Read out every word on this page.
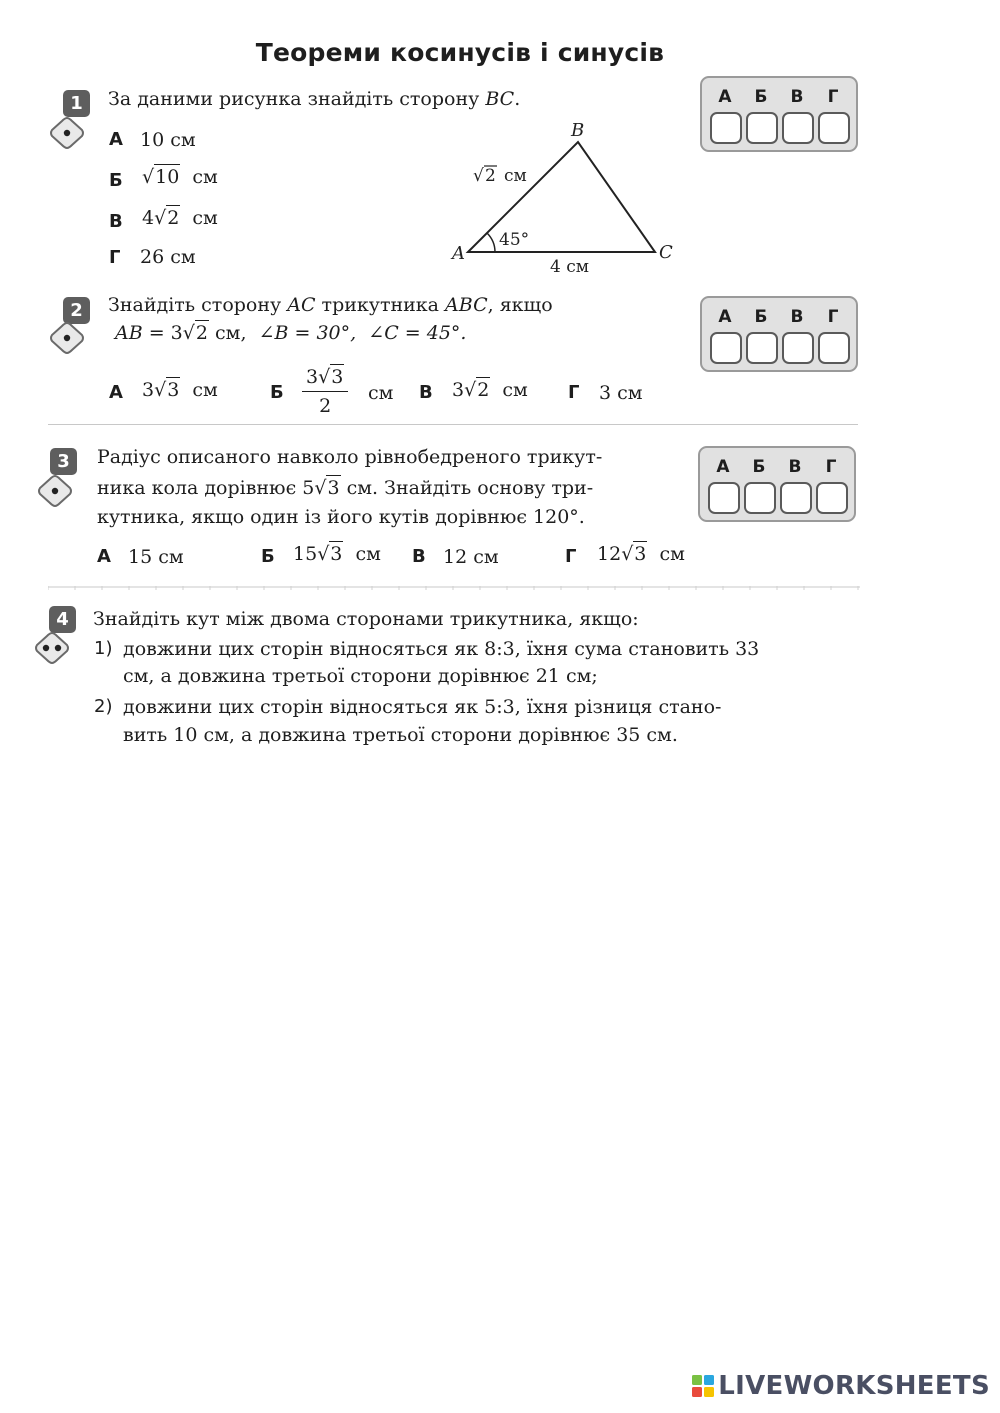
Теореми косинусів і синусів
1	За даними рисунка знайдіть сторону BC.
А 10 см
Б √10 см
В 4√2 см
Г 26 см
B
A	C
45°
4 см
√ 2 см
А	Б	В	Г
2	Знайдіть сторону AC трикутника ABC, якщо
AB = 3√2 см, ∠B = 30°, ∠C = 45°.
А 3√3 см	Б $\frac{3√3}{2}$ см В 3√2 см Г 3 см
А	Б	В	Г
3	Радіус описаного навколо рівнобедреного трикут-
ника кола дорівнює 5√3 см. Знайдіть основу три-
кутника, якщо один із його кутів дорівнює 120°.
А 15 см	Б 15√3 см В 12 см	Г 12√3 см
А	Б	В	Г
4	Знайдіть кут між двома сторонами трикутника, якщо:
1) довжини цих сторін відносяться як 8:3, їхня сума становить 33
см, а довжина третьої сторони дорівнює 21 см;
2) довжини цих сторін відносяться як 5:3, їхня різниця стано-
вить 10 см, а довжина третьої сторони дорівнює 35 см.
LIVEWORKSHEETS
